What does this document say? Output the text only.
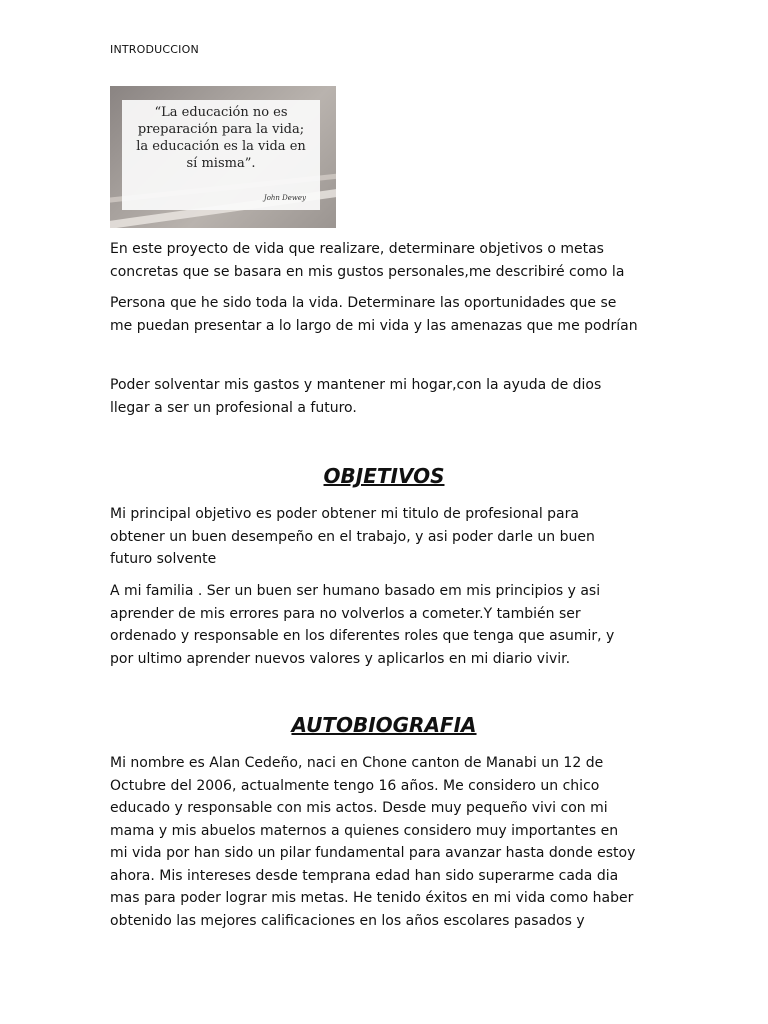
INTRODUCCION
“La educación no es
preparación para la vida;
la educación es la vida en
sí misma”.
John Dewey

En este proyecto de vida que realizare, determinare objetivos o metas
concretas que se basara en mis gustos personales,me describiré como la

Persona que he sido toda la vida. Determinare las oportunidades que se
me puedan presentar a lo largo de mi vida y las amenazas que me podrían

Poder solventar mis gastos y mantener mi hogar,con la ayuda de dios
llegar a ser un profesional a futuro.

OBJETIVOS

Mi principal objetivo es poder obtener mi titulo de profesional para
obtener un buen desempeño en el trabajo, y asi poder darle un buen
futuro solvente

A mi familia . Ser un buen ser humano basado em mis principios y asi
aprender de mis errores para no volverlos a cometer.Y también ser
ordenado y responsable en los diferentes roles que tenga que asumir, y
por ultimo aprender nuevos valores y aplicarlos en mi diario vivir.

AUTOBIOGRAFIA

Mi nombre es Alan Cedeño, naci en Chone canton de Manabi un 12 de
Octubre del 2006, actualmente tengo 16 años. Me considero un chico
educado y responsable con mis actos. Desde muy pequeño vivi con mi
mama y mis abuelos maternos a quienes considero muy importantes en
mi vida por han sido un pilar fundamental para avanzar hasta donde estoy
ahora. Mis intereses desde temprana edad han sido superarme cada dia
mas para poder lograr mis metas. He tenido éxitos en mi vida como haber
obtenido las mejores calificaciones en los años escolares pasados y
